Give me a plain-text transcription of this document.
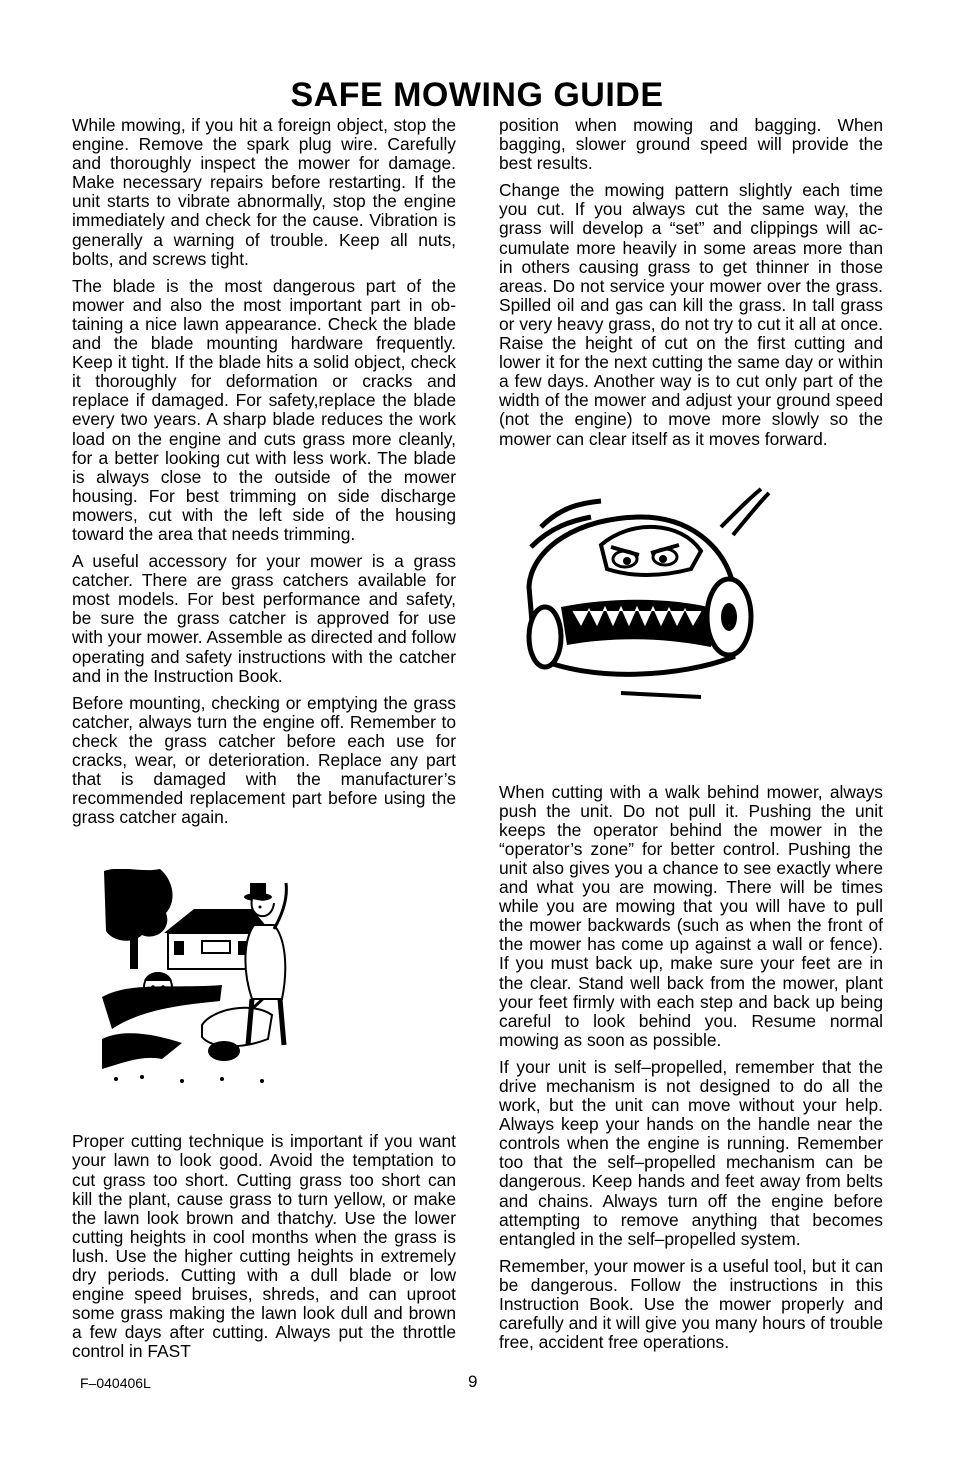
SAFE MOWING GUIDE

While mowing, if you hit a foreign object, stop the engine. Remove the spark plug wire. Carefully and thoroughly inspect the mower for damage. Make necessary repairs before restarting. If the unit starts to vibrate abnormally, stop the engine immediately and check for the cause. Vibration is generally a warning of trouble. Keep all nuts, bolts, and screws tight.

The blade is the most dangerous part of the mower and also the most important part in obtaining a nice lawn appearance. Check the blade and the blade mounting hardware frequently. Keep it tight. If the blade hits a solid object, check it thoroughly for deformation or cracks and replace if damaged. For safety,replace the blade every two years. A sharp blade reduces the work load on the engine and cuts grass more cleanly, for a better looking cut with less work. The blade is always close to the outside of the mower housing. For best trimming on side discharge mowers, cut with the left side of the housing toward the area that needs trimming.

A useful accessory for your mower is a grass catcher. There are grass catchers available for most models. For best performance and safety, be sure the grass catcher is approved for use with your mower. Assemble as directed and follow operating and safety instructions with the catcher and in the Instruction Book.

Before mounting, checking or emptying the grass catcher, always turn the engine off. Remember to check the grass catcher before each use for cracks, wear, or deterioration. Replace any part that is damaged with the manufacturer’s recommended replacement part before using the grass catcher again.

Proper cutting technique is important if you want your lawn to look good. Avoid the temptation to cut grass too short. Cutting grass too short can kill the plant, cause grass to turn yellow, or make the lawn look brown and thatchy. Use the lower cutting heights in cool months when the grass is lush. Use the higher cutting heights in extremely dry periods. Cutting with a dull blade or low engine speed bruises, shreds, and can uproot some grass making the lawn look dull and brown a few days after cutting. Always put the throttle control in FAST

position when mowing and bagging. When bagging, slower ground speed will provide the best results.

Change the mowing pattern slightly each time you cut. If you always cut the same way, the grass will develop a “set” and clippings will accumulate more heavily in some areas more than in others causing grass to get thinner in those areas. Do not service your mower over the grass. Spilled oil and gas can kill the grass. In tall grass or very heavy grass, do not try to cut it all at once. Raise the height of cut on the first cutting and lower it for the next cutting the same day or within a few days. Another way is to cut only part of the width of the mower and adjust your ground speed (not the engine) to move more slowly so the mower can clear itself as it moves forward.

When cutting with a walk behind mower, always push the unit. Do not pull it. Pushing the unit keeps the operator behind the mower in the “operator’s zone” for better control. Pushing the unit also gives you a chance to see exactly where and what you are mowing. There will be times while you are mowing that you will have to pull the mower backwards (such as when the front of the mower has come up against a wall or fence). If you must back up, make sure your feet are in the clear. Stand well back from the mower, plant your feet firmly with each step and back up being careful to look behind you. Resume normal mowing as soon as possible.

If your unit is self–propelled, remember that the drive mechanism is not designed to do all the work, but the unit can move without your help. Always keep your hands on the handle near the controls when the engine is running. Remember too that the self–propelled mechanism can be dangerous. Keep hands and feet away from belts and chains. Always turn off the engine before attempting to remove anything that becomes entangled in the self–propelled system.

Remember, your mower is a useful tool, but it can be dangerous. Follow the instructions in this Instruction Book. Use the mower properly and carefully and it will give you many hours of trouble free, accident free operations.

F–040406L	9
